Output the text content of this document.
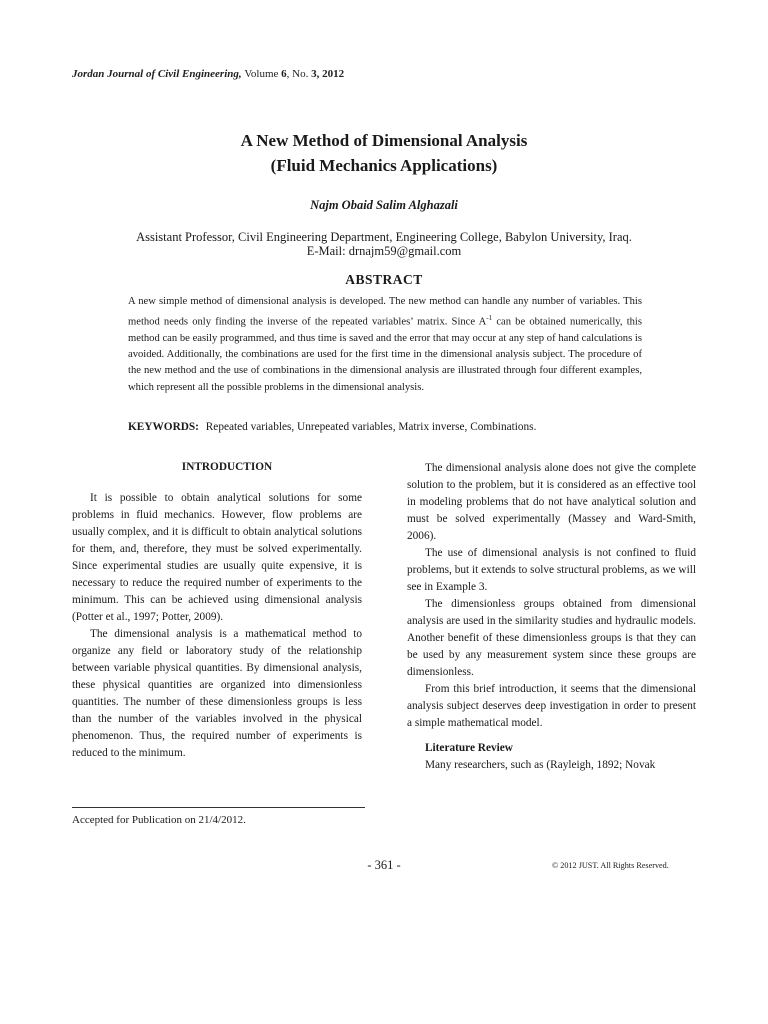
Jordan Journal of Civil Engineering, Volume 6, No. 3, 2012
A New Method of Dimensional Analysis
(Fluid Mechanics Applications)
Najm Obaid Salim Alghazali
Assistant Professor, Civil Engineering Department, Engineering College, Babylon University, Iraq.
E-Mail: drnajm59@gmail.com
ABSTRACT
A new simple method of dimensional analysis is developed. The new method can handle any number of variables. This method needs only finding the inverse of the repeated variables’ matrix. Since $A^{-1}$ can be obtained numerically, this method can be easily programmed, and thus time is saved and the error that may occur at any step of hand calculations is avoided. Additionally, the combinations are used for the first time in the dimensional analysis subject. The procedure of the new method and the use of combinations in the dimensional analysis are illustrated through four different examples, which represent all the possible problems in the dimensional analysis.
KEYWORDS: Repeated variables, Unrepeated variables, Matrix inverse, Combinations.
INTRODUCTION

It is possible to obtain analytical solutions for some problems in fluid mechanics. However, flow problems are usually complex, and it is difficult to obtain analytical solutions for them, and, therefore, they must be solved experimentally. Since experimental studies are usually quite expensive, it is necessary to reduce the required number of experiments to the minimum. This can be achieved using dimensional analysis (Potter et al., 1997; Potter, 2009).

The dimensional analysis is a mathematical method to organize any field or laboratory study of the relationship between variable physical quantities. By dimensional analysis, these physical quantities are organized into dimensionless quantities. The number of these dimensionless groups is less than the number of the variables involved in the physical phenomenon. Thus, the required number of experiments is reduced to the minimum.

The dimensional analysis alone does not give the complete solution to the problem, but it is considered as an effective tool in modeling problems that do not have analytical solution and must be solved experimentally (Massey and Ward-Smith, 2006).

The use of dimensional analysis is not confined to fluid problems, but it extends to solve structural problems, as we will see in Example 3.

The dimensionless groups obtained from dimensional analysis are used in the similarity studies and hydraulic models. Another benefit of these dimensionless groups is that they can be used by any measurement system since these groups are dimensionless.

From this brief introduction, it seems that the dimensional analysis subject deserves deep investigation in order to present a simple mathematical model.

Literature Review

Many researchers, such as (Rayleigh, 1892; Novak

Accepted for Publication on 21/4/2012.
- 361 -	© 2012 JUST. All Rights Reserved.
